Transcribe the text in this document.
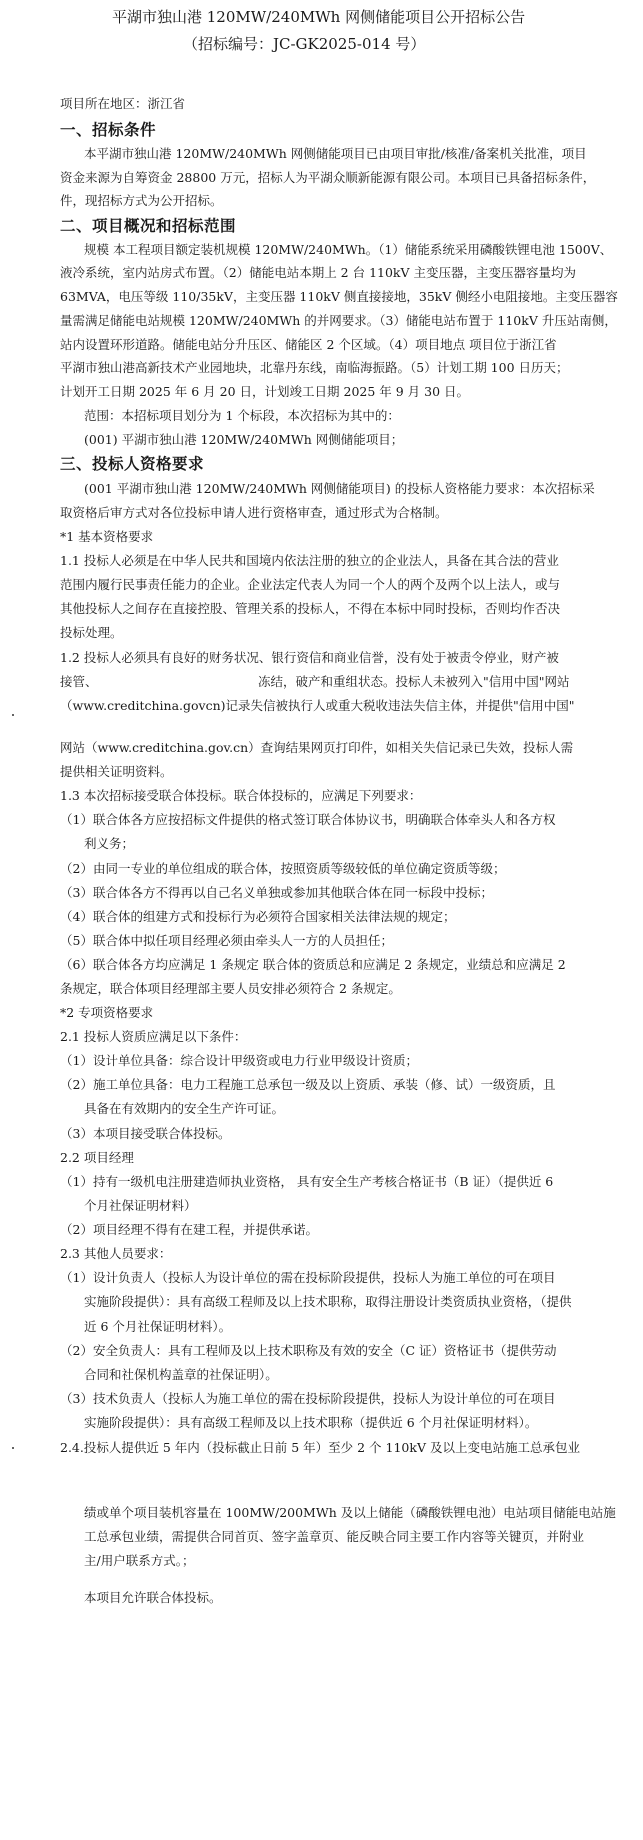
平湖市独山港 120MW/240MWh 网侧储能项目公开招标公告
（招标编号：JC-GK2025-014 号）
项目所在地区：浙江省
一、招标条件
本平湖市独山港 120MW/240MWh 网侧储能项目已由项目审批/核准/备案机关批准，项目
资金来源为自筹资金 28800 万元，招标人为平湖众顺新能源有限公司。本项目已具备招标条件，
件，现招标方式为公开招标。
二、项目概况和招标范围
规模 本工程项目额定装机规模 120MW/240MWh。（1）储能系统采用磷酸铁锂电池 1500V、
液冷系统，室内站房式布置。（2）储能电站本期上 2 台 110kV 主变压器，主变压器容量均为
63MVA，电压等级 110/35kV，主变压器 110kV 侧直接接地，35kV 侧经小电阻接地。主变压器容
量需满足储能电站规模 120MW/240MWh 的并网要求。（3）储能电站布置于 110kV 升压站南侧，
站内设置环形道路。储能电站分升压区、储能区 2 个区域。（4）项目地点 项目位于浙江省
平湖市独山港高新技术产业园地块，北靠丹东线，南临海振路。（5）计划工期 100 日历天；
计划开工日期 2025 年 6 月 20 日，计划竣工日期 2025 年 9 月 30 日。
范围：本招标项目划分为 1 个标段，本次招标为其中的：
(001) 平湖市独山港 120MW/240MWh 网侧储能项目；
三、投标人资格要求
(001 平湖市独山港 120MW/240MWh 网侧储能项目) 的投标人资格能力要求：本次招标采
取资格后审方式对各位投标申请人进行资格审查，通过形式为合格制。
*1 基本资格要求
1.1 投标人必须是在中华人民共和国境内依法注册的独立的企业法人，具备在其合法的营业
范围内履行民事责任能力的企业。企业法定代表人为同一个人的两个及两个以上法人，或与
其他投标人之间存在直接控股、管理关系的投标人，不得在本标中同时投标，否则均作否决
投标处理。
1.2 投标人必须具有良好的财务状况、银行资信和商业信誉，没有处于被责令停业，财产被
接管、	冻结，破产和重组状态。投标人未被列入"信用中国"网站
（www.creditchina.govcn)记录失信被执行人或重大税收违法失信主体，并提供"信用中国"
网站（www.creditchina.gov.cn）查询结果网页打印件，如相关失信记录已失效，投标人需
提供相关证明资料。
1.3 本次招标接受联合体投标。联合体投标的，应满足下列要求：
（1）联合体各方应按招标文件提供的格式签订联合体协议书，明确联合体牵头人和各方权
利义务；
（2）由同一专业的单位组成的联合体，按照资质等级较低的单位确定资质等级；
（3）联合体各方不得再以自己名义单独或参加其他联合体在同一标段中投标；
（4）联合体的组建方式和投标行为必须符合国家相关法律法规的规定；
（5）联合体中拟任项目经理必须由牵头人一方的人员担任；
（6）联合体各方均应满足 1 条规定 联合体的资质总和应满足 2 条规定，业绩总和应满足 2
条规定，联合体项目经理部主要人员安排必须符合 2 条规定。
*2 专项资格要求
2.1 投标人资质应满足以下条件：
（1）设计单位具备：综合设计甲级资或电力行业甲级设计资质；
（2）施工单位具备：电力工程施工总承包一级及以上资质、承装（修、试）一级资质，且
具备在有效期内的安全生产许可证。
（3）本项目接受联合体投标。
2.2 项目经理
（1）持有一级机电注册建造师执业资格， 具有安全生产考核合格证书（B 证）（提供近 6
个月社保证明材料）
（2）项目经理不得有在建工程，并提供承诺。
2.3 其他人员要求：
（1）设计负责人（投标人为设计单位的需在投标阶段提供，投标人为施工单位的可在项目
实施阶段提供）：具有高级工程师及以上技术职称，取得注册设计类资质执业资格，（提供
近 6 个月社保证明材料）。
（2）安全负责人：具有工程师及以上技术职称及有效的安全（C 证）资格证书（提供劳动
合同和社保机构盖章的社保证明）。
（3）技术负责人（投标人为施工单位的需在投标阶段提供，投标人为设计单位的可在项目
实施阶段提供）：具有高级工程师及以上技术职称（提供近 6 个月社保证明材料）。
2.4.投标人提供近 5 年内（投标截止日前 5 年）至少 2 个 110kV 及以上变电站施工总承包业
绩或单个项目装机容量在 100MW/200MWh 及以上储能（磷酸铁锂电池）电站项目储能电站施
工总承包业绩，需提供合同首页、签字盖章页、能反映合同主要工作内容等关键页，并附业
主/用户联系方式。；
本项目允许联合体投标。
